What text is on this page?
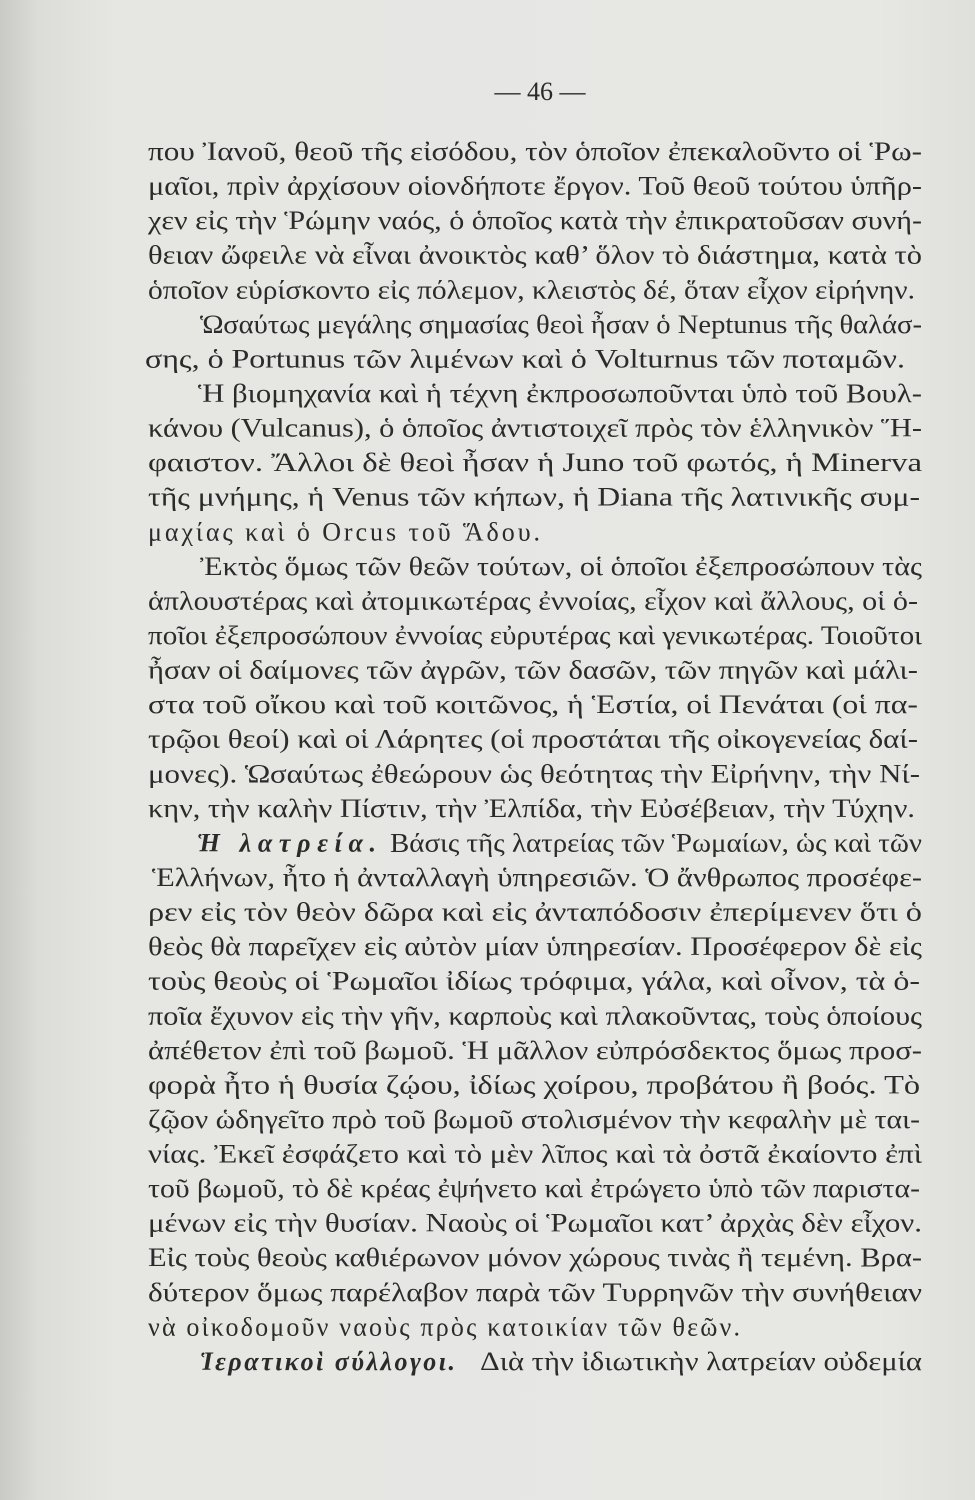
— 46 —
που Ἰανοῦ, θεοῦ τῆς εἰσόδου, τὸν ὁποῖον ἐπεκαλοῦντο οἱ Ῥω-
μαῖοι, πρὶν ἀρχίσουν οἱονδήποτε ἔργον. Τοῦ θεοῦ τούτου ὑπῆρ-
χεν εἰς τὴν Ῥώμην ναός, ὁ ὁποῖος κατὰ τὴν ἐπικρατοῦσαν συνή-
θειαν ὤφειλε νὰ εἶναι ἀνοικτὸς καθ’ ὅλον τὸ διάστημα, κατὰ τὸ
ὁποῖον εὑρίσκοντο εἰς πόλεμον, κλειστὸς δέ, ὅταν εἶχον εἰρήνην.
Ὡσαύτως μεγάλης σημασίας θεοὶ ἦσαν ὁ Neptunus τῆς θαλάσ-
σης, ὁ Portunus τῶν λιμένων καὶ ὁ Volturnus τῶν ποταμῶν.
Ἡ βιομηχανία καὶ ἡ τέχνη ἐκπροσωποῦνται ὑπὸ τοῦ Βουλ-
κάνου (Vulcanus), ὁ ὁποῖος ἀντιστοιχεῖ πρὸς τὸν ἑλληνικὸν Ἥ-
φαιστον. Ἄλλοι δὲ θεοὶ ἦσαν ἡ Juno τοῦ φωτός, ἡ Minerva
τῆς μνήμης, ἡ Venus τῶν κήπων, ἡ Diana τῆς λατινικῆς συμ-
μαχίας καὶ ὁ Orcus τοῦ Ἅδου.
Ἐκτὸς ὅμως τῶν θεῶν τούτων, οἱ ὁποῖοι ἐξεπροσώπουν τὰς
ἁπλουστέρας καὶ ἀτομικωτέρας ἐννοίας, εἶχον καὶ ἄλλους, οἱ ὁ-
ποῖοι ἐξεπροσώπουν ἐννοίας εὐρυτέρας καὶ γενικωτέρας. Τοιοῦτοι
ἦσαν οἱ δαίμονες τῶν ἀγρῶν, τῶν δασῶν, τῶν πηγῶν καὶ μάλι-
στα τοῦ οἴκου καὶ τοῦ κοιτῶνος, ἡ Ἑστία, οἱ Πενάται (οἱ πα-
τρῷοι θεοί) καὶ οἱ Λάρητες (οἱ προστάται τῆς οἰκογενείας δαί-
μονες). Ὡσαύτως ἐθεώρουν ὡς θεότητας τὴν Εἰρήνην, τὴν Νί-
κην, τὴν καλὴν Πίστιν, τὴν Ἐλπίδα, τὴν Εὐσέβειαν, τὴν Τύχην.
Ἡ λατρεία. Βάσις τῆς λατρείας τῶν Ῥωμαίων, ὡς καὶ τῶν
Ἑλλήνων, ἦτο ἡ ἀνταλλαγὴ ὑπηρεσιῶν. Ὁ ἄνθρωπος προσέφε-
ρεν εἰς τὸν θεὸν δῶρα καὶ εἰς ἀνταπόδοσιν ἐπερίμενεν ὅτι ὁ
θεὸς θὰ παρεῖχεν εἰς αὐτὸν μίαν ὑπηρεσίαν. Προσέφερον δὲ εἰς
τοὺς θεοὺς οἱ Ῥωμαῖοι ἰδίως τρόφιμα, γάλα, καὶ οἶνον, τὰ ὁ-
ποῖα ἔχυνον εἰς τὴν γῆν, καρποὺς καὶ πλακοῦντας, τοὺς ὁποίους
ἀπέθετον ἐπὶ τοῦ βωμοῦ. Ἡ μᾶλλον εὐπρόσδεκτος ὅμως προσ-
φορὰ ἦτο ἡ θυσία ζῴου, ἰδίως χοίρου, προβάτου ἢ βοός. Τὸ
ζῷον ὡδηγεῖτο πρὸ τοῦ βωμοῦ στολισμένον τὴν κεφαλὴν μὲ ται-
νίας. Ἐκεῖ ἐσφάζετο καὶ τὸ μὲν λῖπος καὶ τὰ ὀστᾶ ἐκαίοντο ἐπὶ
τοῦ βωμοῦ, τὸ δὲ κρέας ἐψήνετο καὶ ἐτρώγετο ὑπὸ τῶν παριστα-
μένων εἰς τὴν θυσίαν. Ναοὺς οἱ Ῥωμαῖοι κατ’ ἀρχὰς δὲν εἶχον.
Εἰς τοὺς θεοὺς καθιέρωνον μόνον χώρους τινὰς ἢ τεμένη. Βρα-
δύτερον ὅμως παρέλαβον παρὰ τῶν Τυρρηνῶν τὴν συνήθειαν
νὰ οἰκοδομοῦν ναοὺς πρὸς κατοικίαν τῶν θεῶν.
Ἱερατικοὶ σύλλογοι. Διὰ τὴν ἰδιωτικὴν λατρείαν οὐδεμία
